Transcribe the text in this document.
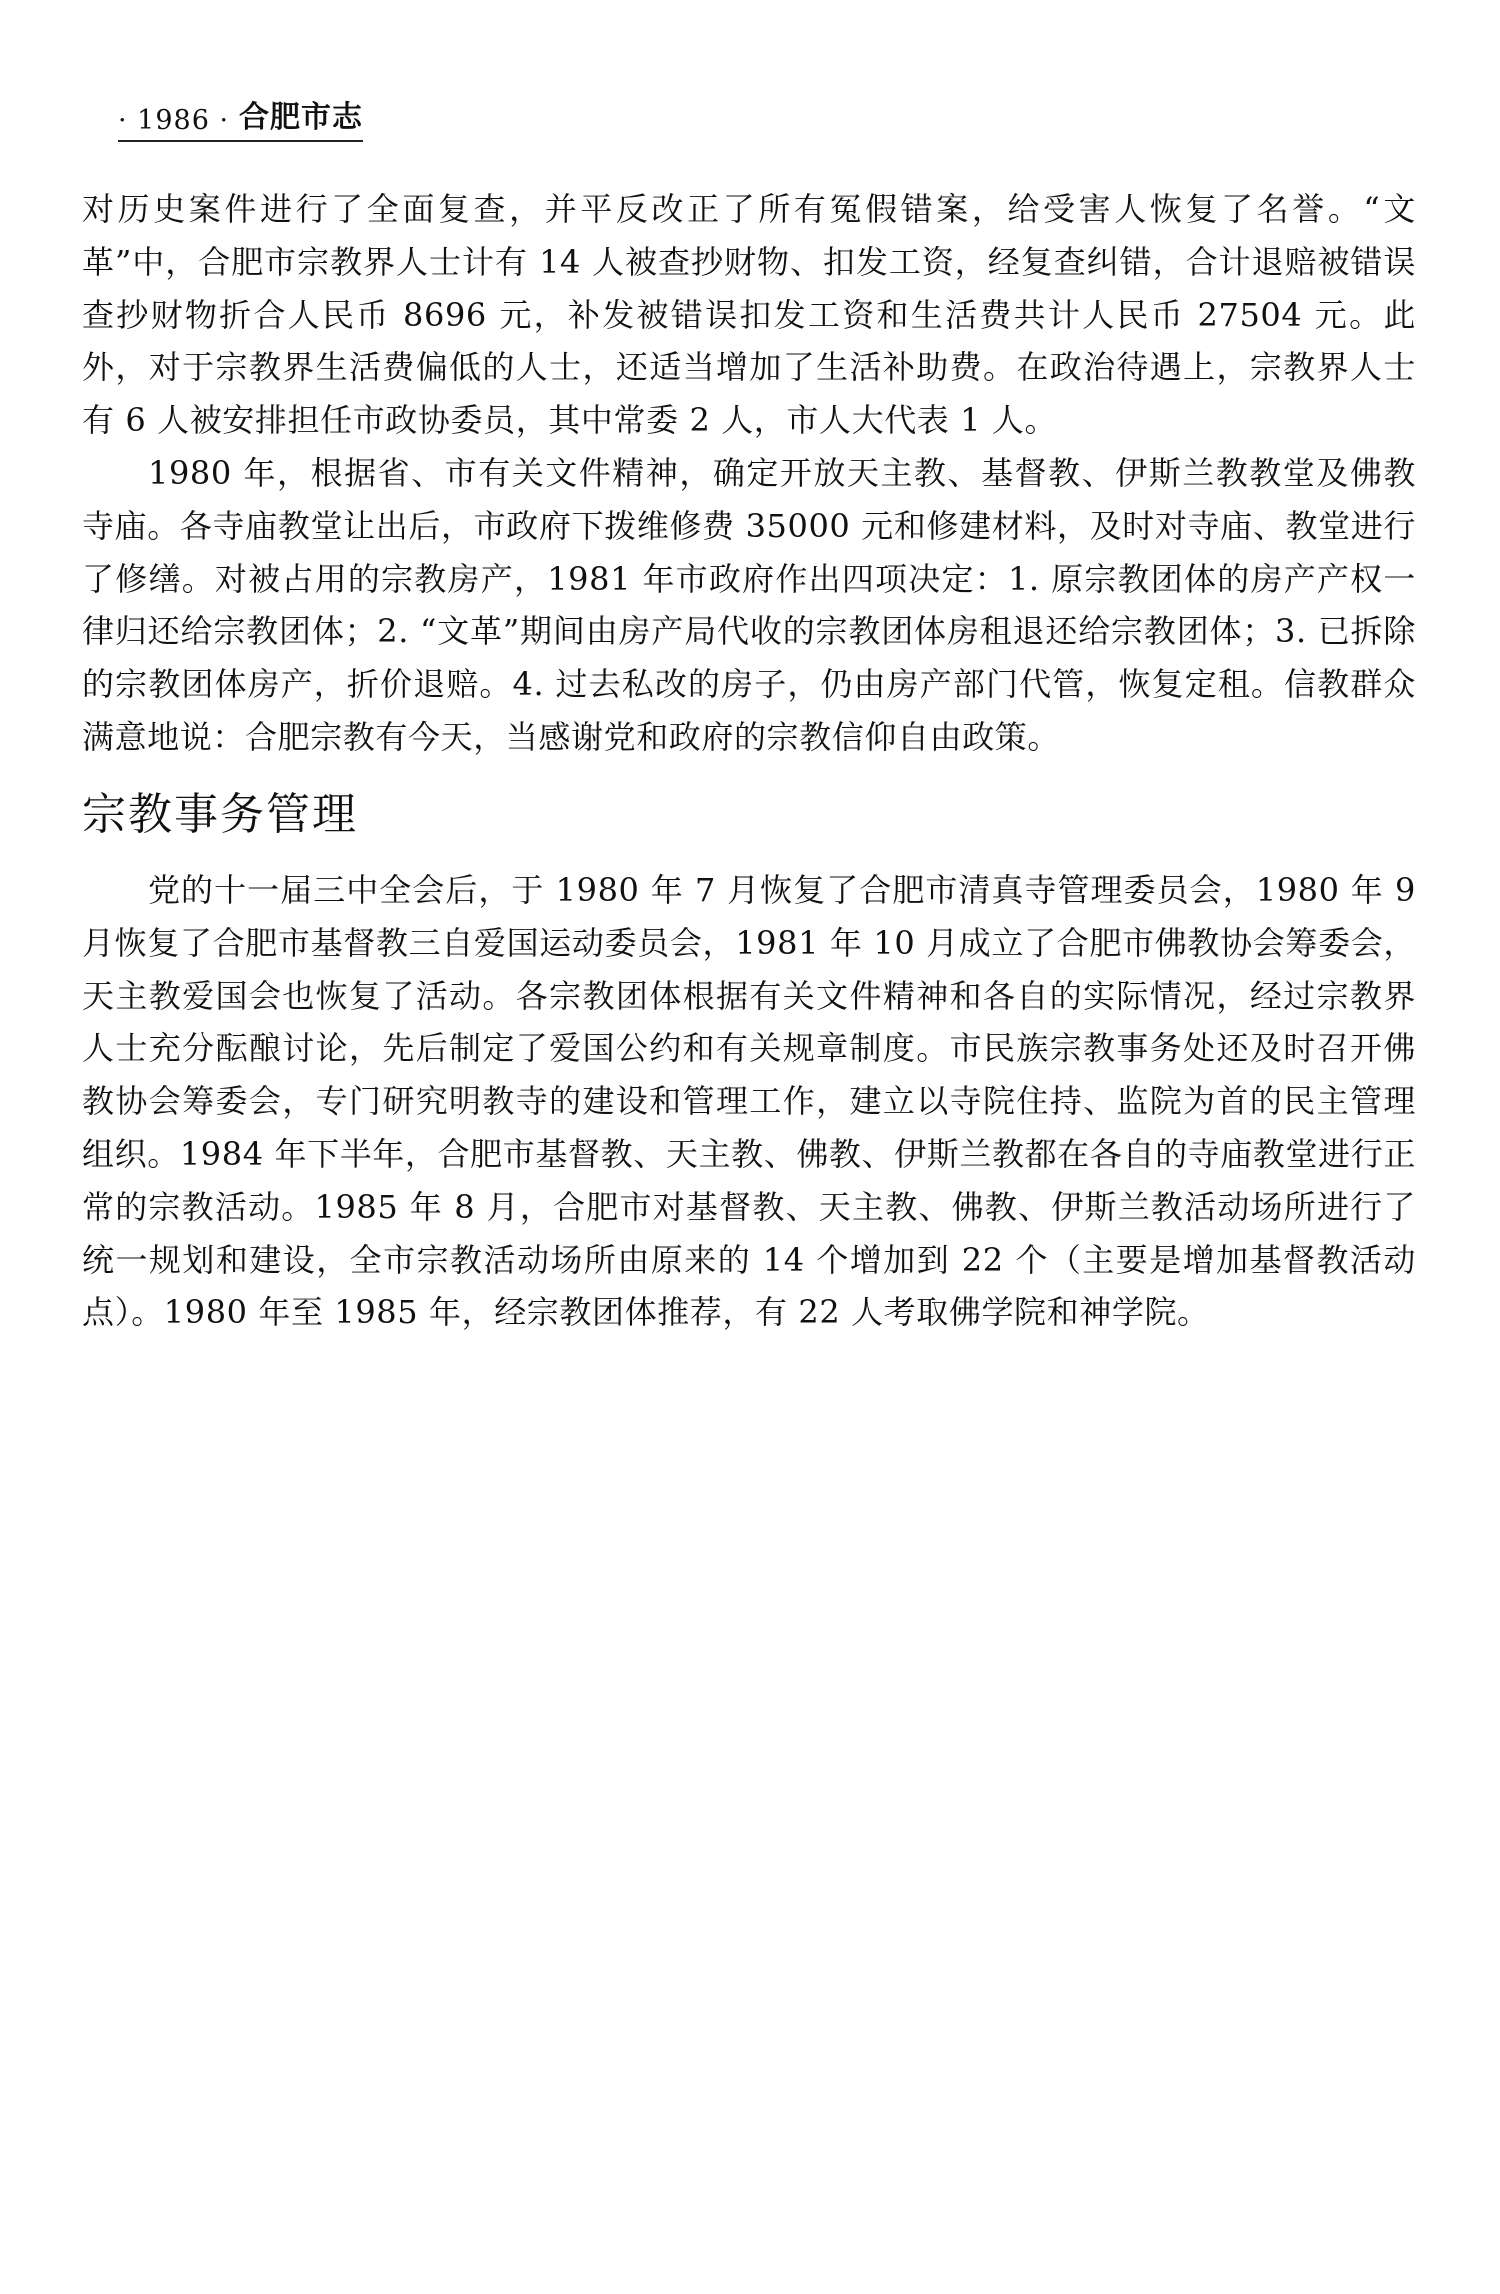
· 1986 · 合肥市志

对历史案件进行了全面复查，并平反改正了所有冤假错案，给受害人恢复了名誉。“文革”中，合肥市宗教界人士计有 14 人被查抄财物、扣发工资，经复查纠错，合计退赔被错误查抄财物折合人民币 8696 元，补发被错误扣发工资和生活费共计人民币 27504 元。此外，对于宗教界生活费偏低的人士，还适当增加了生活补助费。在政治待遇上，宗教界人士有 6 人被安排担任市政协委员，其中常委 2 人，市人大代表 1 人。

1980 年，根据省、市有关文件精神，确定开放天主教、基督教、伊斯兰教教堂及佛教寺庙。各寺庙教堂让出后，市政府下拨维修费 35000 元和修建材料，及时对寺庙、教堂进行了修缮。对被占用的宗教房产，1981 年市政府作出四项决定：1. 原宗教团体的房产产权一律归还给宗教团体；2. “文革”期间由房产局代收的宗教团体房租退还给宗教团体；3. 已拆除的宗教团体房产，折价退赔。4. 过去私改的房子，仍由房产部门代管，恢复定租。信教群众满意地说：合肥宗教有今天，当感谢党和政府的宗教信仰自由政策。

宗教事务管理

党的十一届三中全会后，于 1980 年 7 月恢复了合肥市清真寺管理委员会，1980 年 9 月恢复了合肥市基督教三自爱国运动委员会，1981 年 10 月成立了合肥市佛教协会筹委会，天主教爱国会也恢复了活动。各宗教团体根据有关文件精神和各自的实际情况，经过宗教界人士充分酝酿讨论，先后制定了爱国公约和有关规章制度。市民族宗教事务处还及时召开佛教协会筹委会，专门研究明教寺的建设和管理工作，建立以寺院住持、监院为首的民主管理组织。1984 年下半年，合肥市基督教、天主教、佛教、伊斯兰教都在各自的寺庙教堂进行正常的宗教活动。1985 年 8 月，合肥市对基督教、天主教、佛教、伊斯兰教活动场所进行了统一规划和建设，全市宗教活动场所由原来的 14 个增加到 22 个（主要是增加基督教活动点）。1980 年至 1985 年，经宗教团体推荐，有 22 人考取佛学院和神学院。
